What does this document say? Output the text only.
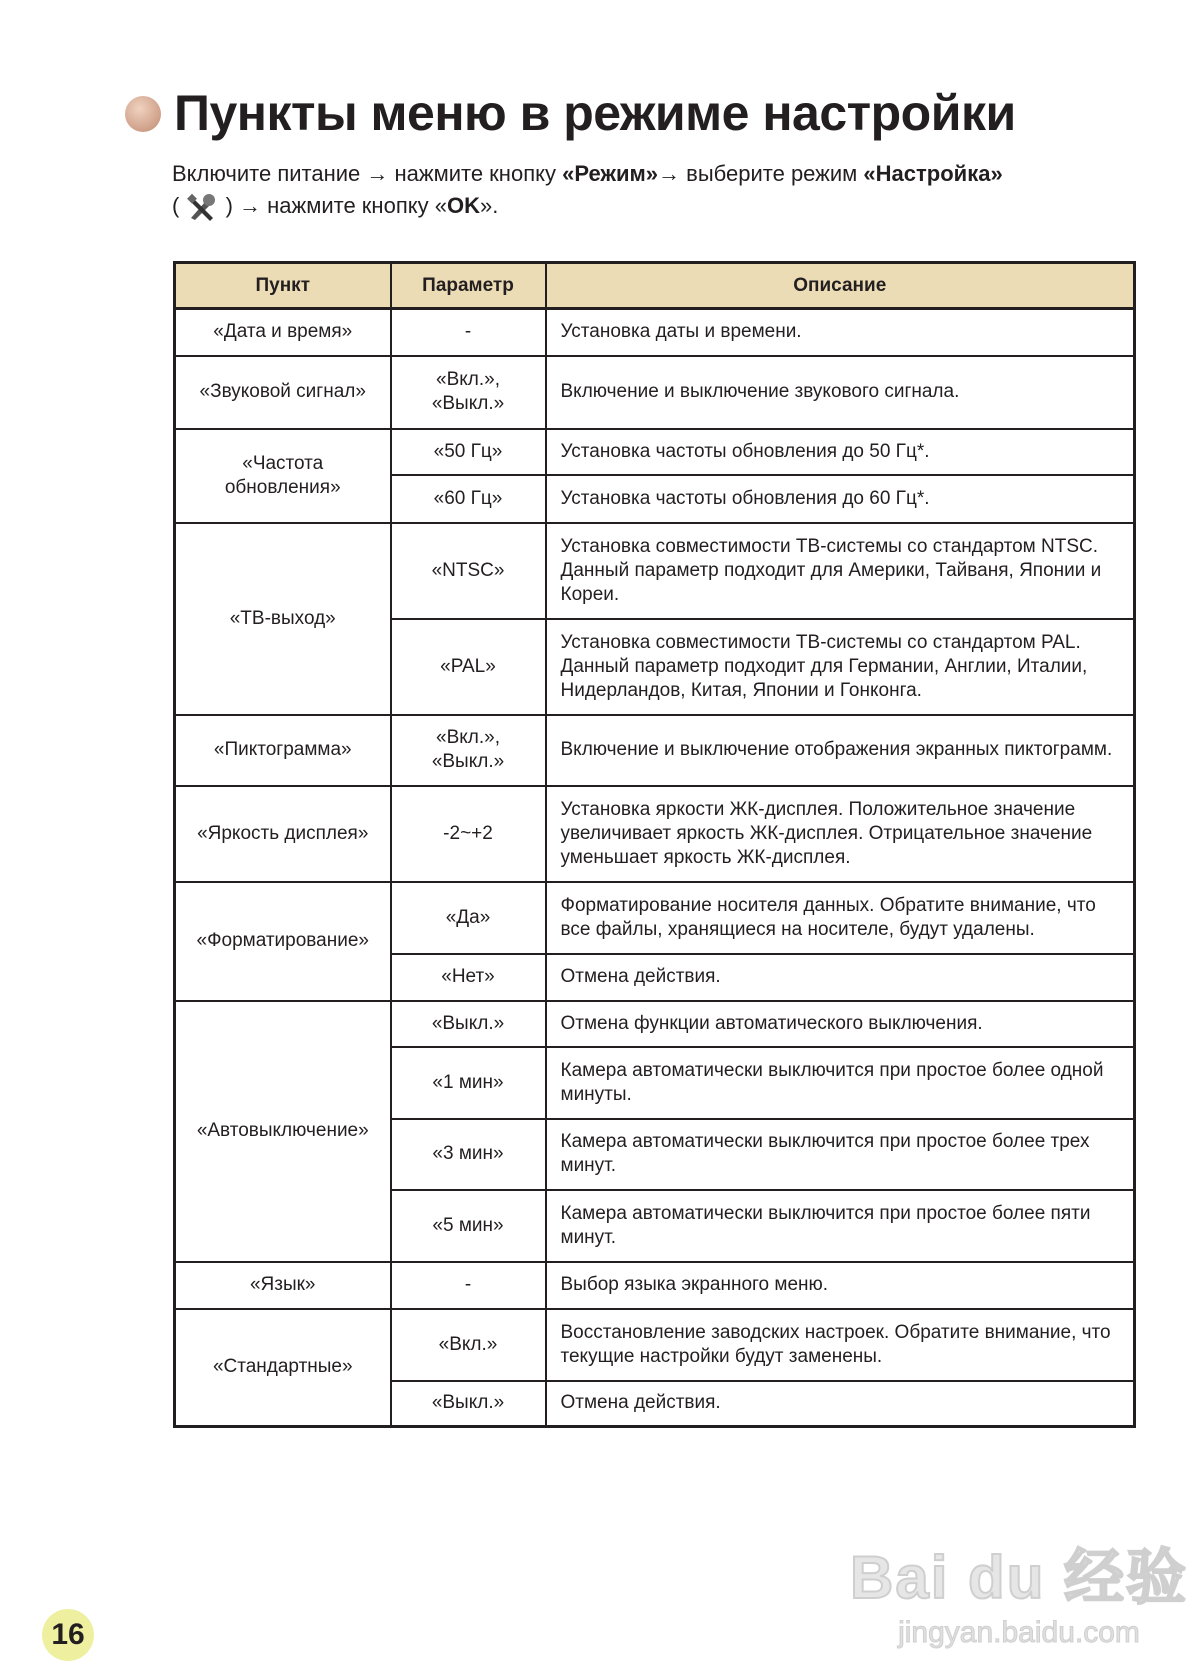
Пункты меню в режиме настройки
Включите питание → нажмите кнопку «Режим»→ выберите режим «Настройка»
(  ) → нажмите кнопку «OK».
Пункт	Параметр	Описание
«Дата и время»	-	Установка даты и времени.
«Звуковой сигнал»	«Вкл.», «Выкл.»	Включение и выключение звукового сигнала.
«Частота обновления»	«50 Гц»	Установка частоты обновления до 50 Гц*.
	«60 Гц»	Установка частоты обновления до 60 Гц*.
«ТВ-выход»	«NTSC»	Установка совместимости ТВ-системы со стандартом NTSC. Данный параметр подходит для Америки, Тайваня, Японии и Кореи.
	«PAL»	Установка совместимости ТВ-системы со стандартом PAL. Данный параметр подходит для Германии, Англии, Италии, Нидерландов, Китая, Японии и Гонконга.
«Пиктограмма»	«Вкл.», «Выкл.»	Включение и выключение отображения экранных пиктограмм.
«Яркость дисплея»	-2~+2	Установка яркости ЖК-дисплея. Положительное значение увеличивает яркость ЖК-дисплея. Отрицательное значение уменьшает яркость ЖК-дисплея.
«Форматирование»	«Да»	Форматирование носителя данных. Обратите внимание, что все файлы, хранящиеся на носителе, будут удалены.
	«Нет»	Отмена действия.
«Автовыключение»	«Выкл.»	Отмена функции автоматического выключения.
	«1 мин»	Камера автоматически выключится при простое более одной минуты.
	«3 мин»	Камера автоматически выключится при простое более трех минут.
	«5 мин»	Камера автоматически выключится при простое более пяти минут.
«Язык»	-	Выбор языка экранного меню.
«Стандартные»	«Вкл.»	Восстановление заводских настроек. Обратите внимание, что текущие настройки будут заменены.
	«Выкл.»	Отмена действия.
16
Bai du 经验
jingyan.baidu.com
